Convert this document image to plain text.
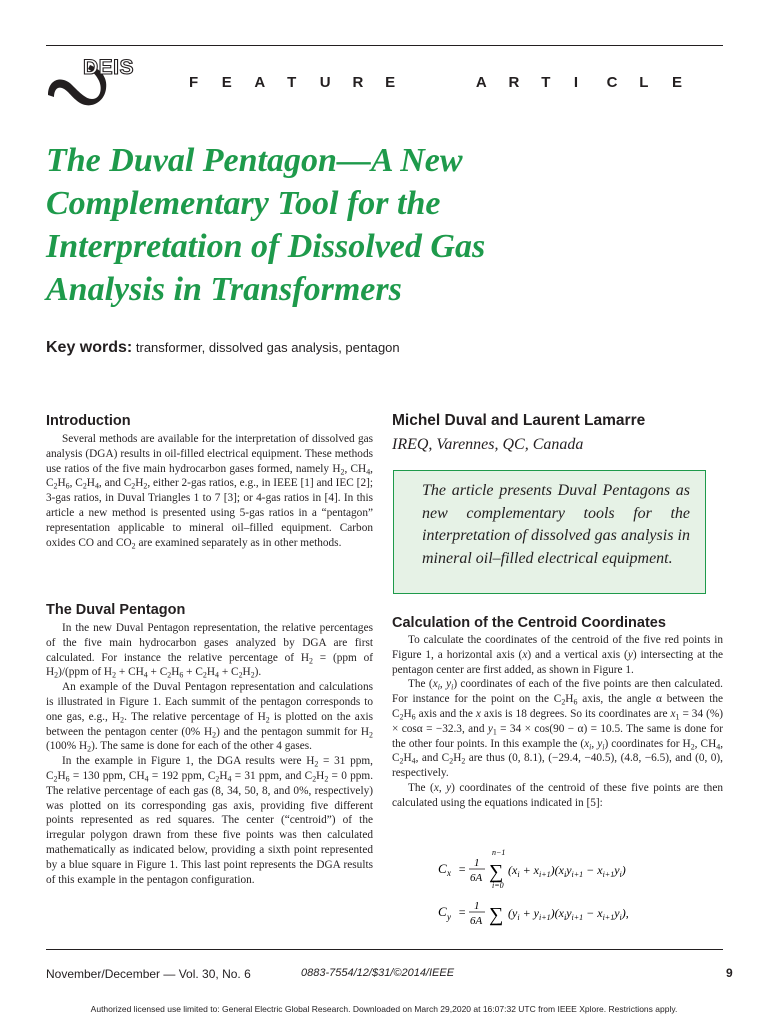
DEIS
F E A T U R E	A R T I C L E
The Duval Pentagon—A New
Complementary Tool for the
Interpretation of Dissolved Gas
Analysis in Transformers
Key words: transformer, dissolved gas analysis, pentagon
Introduction

Several methods are available for the interpretation of dissolved gas analysis (DGA) results in oil-filled electrical equipment. These methods use ratios of the five main hydrocarbon gases formed, namely $H_2$, $CH_4$, $C_2H_6$, $C_2H_4$, and $C_2H_2$, either 2-gas ratios, e.g., in IEEE [1] and IEC [2]; 3-gas ratios, in Duval Triangles 1 to 7 [3]; or 4-gas ratios in [4]. In this article a new method is presented using 5-gas ratios in a “pentagon” representation applicable to mineral oil–filled equipment. Carbon oxides CO and $CO_2$ are examined separately as in other methods.

The Duval Pentagon

In the new Duval Pentagon representation, the relative percentages of the five main hydrocarbon gases analyzed by DGA are first calculated. For instance the relative percentage of $H_2 = (ppm$ of $H_2)/(ppm$ of $H_2 + CH_4 + C_2H_6 + C_2H_4 + C_2H_2$).

An example of the Duval Pentagon representation and calculations is illustrated in Figure 1. Each summit of the pentagon corresponds to one gas, e.g., $H_2$. The relative percentage of $H_2$ is plotted on the axis between the pentagon center (0% $H_2$) and the pentagon summit for $H_2$ (100% $H_2$). The same is done for each of the other 4 gases.

In the example in Figure 1, the DGA results were $H_2 = 31$ ppm, $C_2H_6 = 130$ ppm, $CH_4 = 192$ ppm, $C_2H_4 = 31$ ppm, and $C_2H_2 = 0$ ppm. The relative percentage of each gas (8, 34, 50, 8, and 0%, respectively) was plotted on its corresponding gas axis, providing five different points represented as red squares. The center (“centroid”) of the irregular polygon drawn from these five points was then calculated mathematically as indicated below, providing a sixth point represented by a blue square in Figure 1. This last point represents the DGA results of this example in the pentagon configuration.

Michel Duval and Laurent Lamarre
IREQ, Varennes, QC, Canada
The article presents Duval Pentagons as new complementary tools for the interpretation of dissolved gas analysis in mineral oil–filled electrical equipment.
Calculation of the Centroid Coordinates

To calculate the coordinates of the centroid of the five red points in Figure 1, a horizontal axis (x) and a vertical axis (y) intersecting at the pentagon center are first added, as shown in Figure 1.

The ($x_i$, $y_i$) coordinates of each of the five points are then calculated. For instance for the point on the $C_2H_6$ axis, the angle α between the $C_2H_6$ axis and the x axis is 18 degrees. So its coordinates are $x_1 = 34$ (%) × cosα = −32.3, and $y_1 = 34 \times \cos(90 - \alpha) = 10.5$. The same is done for the other four points. In this example the ($x_i$, $y_i$) coordinates for $H_2$, $CH_4$, $C_2H_4$, and $C_2H_2$ are thus (0, 8.1), (−29.4, −40.5), (4.8, −6.5), and (0, 0), respectively.

The (x, y) coordinates of the centroid of these five points are then calculated using the equations indicated in [5]:

C x = 1
6A
n−1
∑
i=0
$(x_i + x_{i+1})(x_iy_{i+1} - x_{i+1}y_i)$
C y = 1
6A ∑ $(y_i + y_{i+1})(x_iy_{i+1} - x_{i+1}y_i)$,
November/December — Vol. 30, No. 6	0883-7554/12/$31/©2014/IEEE	9
Authorized licensed use limited to: General Electric Global Research. Downloaded on March 29,2020 at 16:07:32 UTC from IEEE Xplore. Restrictions apply.
